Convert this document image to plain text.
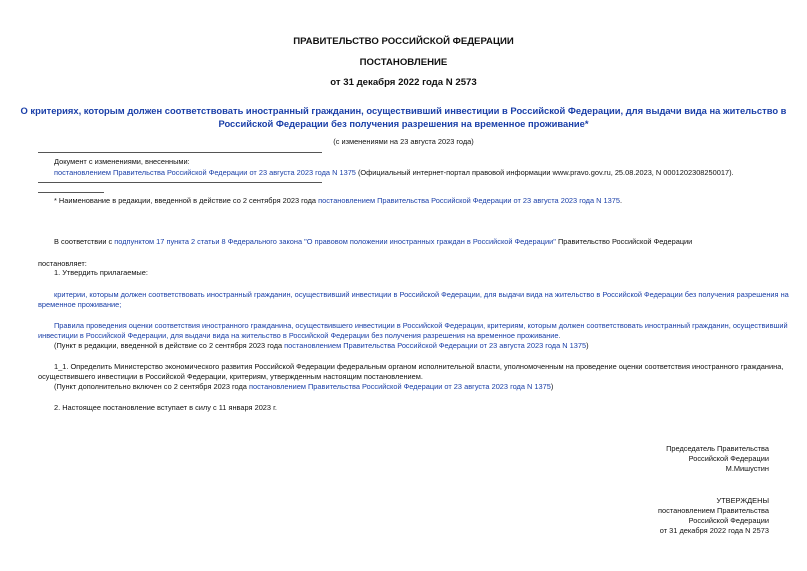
ПРАВИТЕЛЬСТВО РОССИЙСКОЙ ФЕДЕРАЦИИ
ПОСТАНОВЛЕНИЕ
от 31 декабря 2022 года N 2573
О критериях, которым должен соответствовать иностранный гражданин, осуществивший инвестиции в Российской Федерации, для выдачи вида на жительство в
Российской Федерации без получения разрешения на временное проживание*
(с изменениями на 23 августа 2023 года)
Документ с изменениями, внесенными:
постановлением Правительства Российской Федерации от 23 августа 2023 года N 1375 (Официальный интернет-портал правовой информации www.pravo.gov.ru, 25.08.2023, N 0001202308250017).
* Наименование в редакции, введенной в действие со 2 сентября 2023 года постановлением Правительства Российской Федерации от 23 августа 2023 года N 1375.
В соответствии с подпунктом 17 пункта 2 статьи 8 Федерального закона "О правовом положении иностранных граждан в Российской Федерации" Правительство Российской Федерации
постановляет:
1. Утвердить прилагаемые:
критерии, которым должен соответствовать иностранный гражданин, осуществивший инвестиции в Российской Федерации, для выдачи вида на жительство в Российской Федерации без получения разрешения на
временное проживание;
Правила проведения оценки соответствия иностранного гражданина, осуществившего инвестиции в Российской Федерации, критериям, которым должен соответствовать иностранный гражданин, осуществивший
инвестиции в Российской Федерации, для выдачи вида на жительство в Российской Федерации без получения разрешения на временное проживание.
(Пункт в редакции, введенной в действие со 2 сентября 2023 года постановлением Правительства Российской Федерации от 23 августа 2023 года N 1375)
1_1. Определить Министерство экономического развития Российской Федерации федеральным органом исполнительной власти, уполномоченным на проведение оценки соответствия иностранного гражданина,
осуществившего инвестиции в Российской Федерации, критериям, утвержденным настоящим постановлением.
(Пункт дополнительно включен со 2 сентября 2023 года постановлением Правительства Российской Федерации от 23 августа 2023 года N 1375)
2. Настоящее постановление вступает в силу с 11 января 2023 г.
Председатель Правительства
Российской Федерации
М.Мишустин
УТВЕРЖДЕНЫ
постановлением Правительства
Российской Федерации
от 31 декабря 2022 года N 2573
